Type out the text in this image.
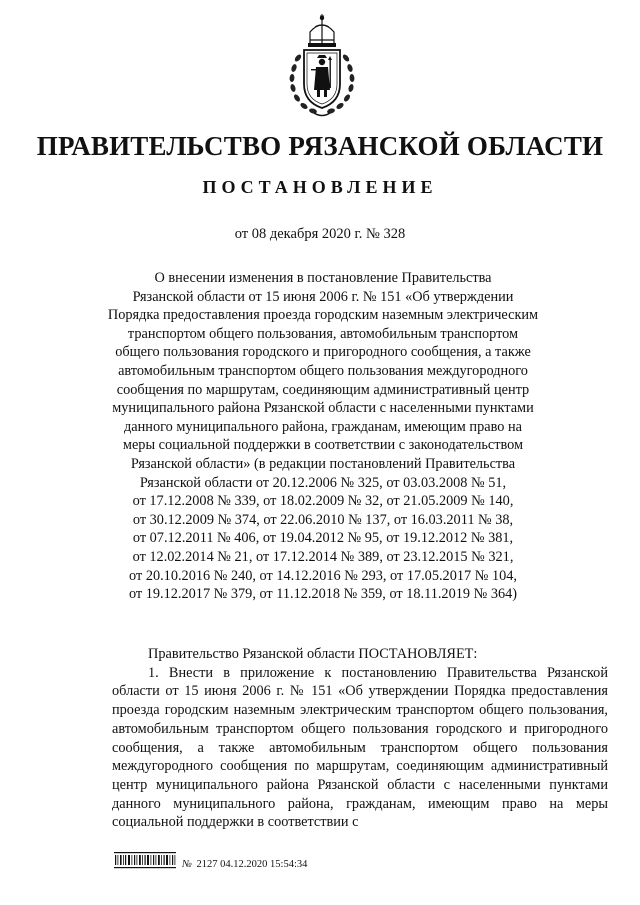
ПРАВИТЕЛЬСТВО РЯЗАНСКОЙ ОБЛАСТИ
ПОСТАНОВЛЕНИЕ
от 08 декабря 2020 г. № 328

О внесении изменения в постановление Правительства
Рязанской области от 15 июня 2006 г. № 151 «Об утверждении
Порядка предоставления проезда городским наземным электрическим
транспортом общего пользования, автомобильным транспортом
общего пользования городского и пригородного сообщения, а также
автомобильным транспортом общего пользования междугородного
сообщения по маршрутам, соединяющим административный центр
муниципального района Рязанской области с населенными пунктами
данного муниципального района, гражданам, имеющим право на
меры социальной поддержки в соответствии с законодательством
Рязанской области» (в редакции постановлений Правительства
Рязанской области от 20.12.2006 № 325, от 03.03.2008 № 51,
от 17.12.2008 № 339, от 18.02.2009 № 32, от 21.05.2009 № 140,
от 30.12.2009 № 374, от 22.06.2010 № 137, от 16.03.2011 № 38,
от 07.12.2011 № 406, от 19.04.2012 № 95, от 19.12.2012 № 381,
от 12.02.2014 № 21, от 17.12.2014 № 389, от 23.12.2015 № 321,
от 20.10.2016 № 240, от 14.12.2016 № 293, от 17.05.2017 № 104,
от 19.12.2017 № 379, от 11.12.2018 № 359, от 18.11.2019 № 364)

Правительство Рязанской области ПОСТАНОВЛЯЕТ:
1. Внести в приложение к постановлению Правительства Рязанской области от 15 июня 2006 г. № 151 «Об утверждении Порядка предоставления проезда городским наземным электрическим транспортом общего пользования, автомобильным транспортом общего пользования городского и пригородного сообщения, а также автомобильным транспортом общего пользования междугородного сообщения по маршрутам, соединяющим административный центр муниципального района Рязанской области с населенными пунктами данного муниципального района, гражданам, имеющим право на меры социальной поддержки в соответствии с
№ 2127 04.12.2020 15:54:34
